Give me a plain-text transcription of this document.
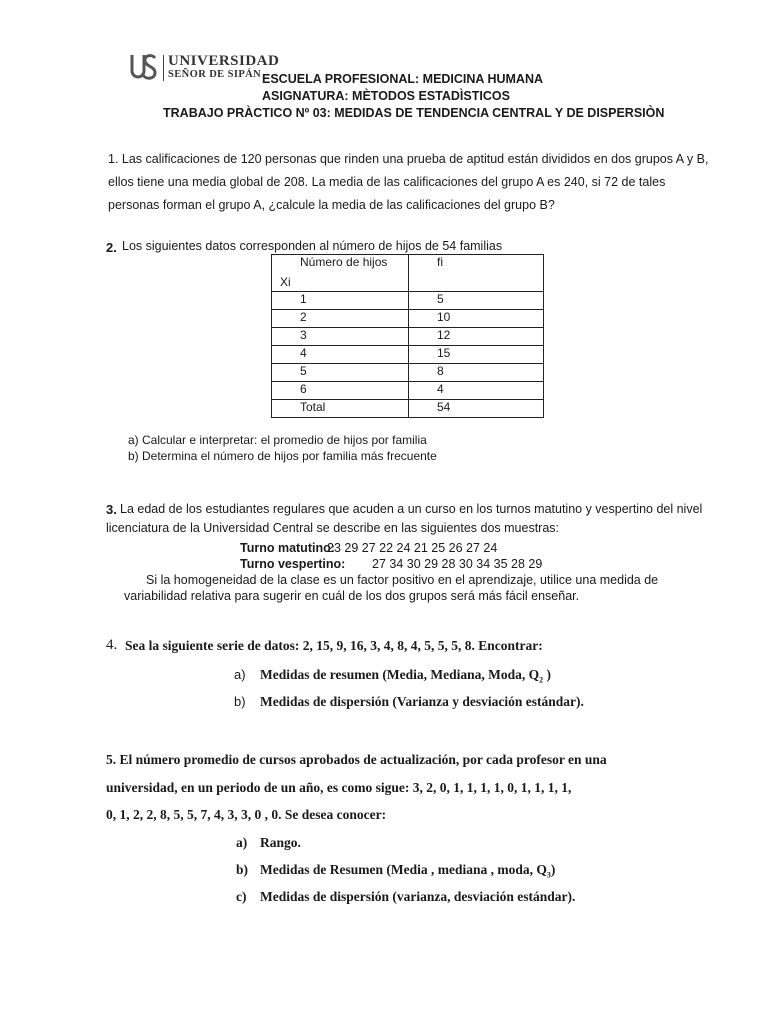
UNIVERSIDAD
SEÑOR DE SIPÁN ESCUELA PROFESIONAL: MEDICINA HUMANA
ASIGNATURA: MÈTODOS ESTADÌSTICOS
TRABAJO PRÀCTICO Nº 03: MEDIDAS DE TENDENCIA CENTRAL Y DE DISPERSIÒN
1. Las calificaciones de 120 personas que rinden una prueba de aptitud están divididos en dos grupos A y B,
ellos tiene una media global de 208. La media de las calificaciones del grupo A es 240, si 72 de tales
personas forman el grupo A, ¿calcule la media de las calificaciones del grupo B?
2. Los siguientes datos corresponden al número de hijos de 54 familias
Número de hijos
Xi	fi
1	5
2	10
3	12
4	15
5	8
6	4
Total	54
a) Calcular e interpretar: el promedio de hijos por familia
b) Determina el número de hijos por familia más frecuente
3. La edad de los estudiantes regulares que acuden a un curso en los turnos matutino y vespertino del nivel
licenciatura de la Universidad Central se describe en las siguientes dos muestras:
Turno matutino:
23 29 27 22 24 21 25 26 27 24
Turno vespertino: 27 34 30 29 28 30 34 35 28 29
Si la homogeneidad de la clase es un factor positivo en el aprendizaje, utilice una medida de
variabilidad relativa para sugerir en cuál de los dos grupos será más fácil enseñar.
4. Sea la siguiente serie de datos: 2, 15, 9, 16, 3, 4, 8, 4, 5, 5, 5, 8. Encontrar:
a) Medidas de resumen (Media, Mediana, Moda, $Q_2$ )
b) Medidas de dispersión (Varianza y desviación estándar).
5. El número promedio de cursos aprobados de actualización, por cada profesor en una
universidad, en un periodo de un año, es como sigue: 3, 2, 0, 1, 1, 1, 1, 0, 1, 1, 1, 1,
0, 1, 2, 2, 8, 5, 5, 7, 4, 3, 3, 0 , 0. Se desea conocer:
a) Rango.
b) Medidas de Resumen (Media , mediana , moda, $Q_3$)
c) Medidas de dispersión (varianza, desviación estándar).
